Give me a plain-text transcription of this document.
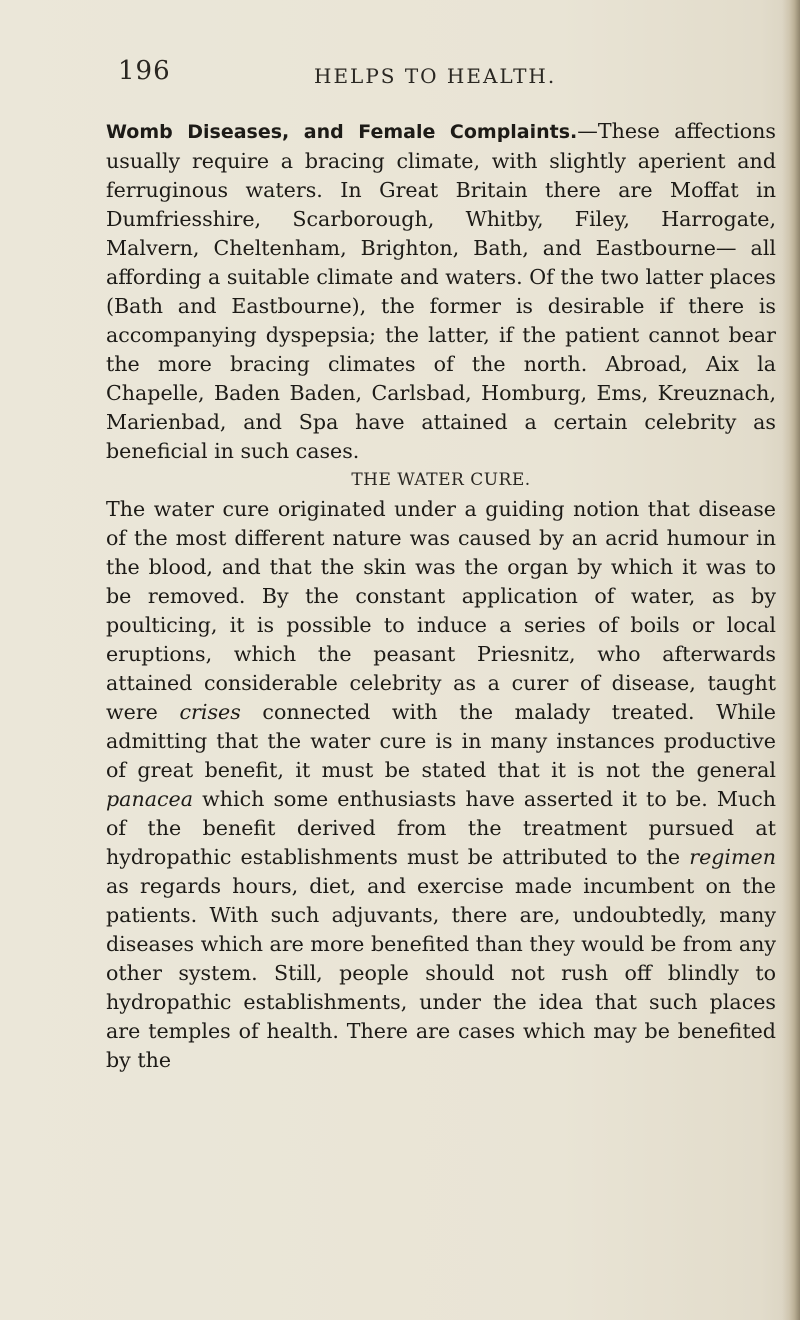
196	HELPS TO HEALTH.

Womb Diseases, and Female Complaints.—These affections usually require a bracing climate, with slightly aperient and ferruginous waters. In Great Britain there are Moffat in Dumfriesshire, Scarborough, Whitby, Filey, Harrogate, Malvern, Cheltenham, Brighton, Bath, and Eastbourne— all affording a suitable climate and waters. Of the two latter places (Bath and Eastbourne), the former is desirable if there is accompanying dyspepsia; the latter, if the patient cannot bear the more bracing climates of the north. Abroad, Aix la Chapelle, Baden Baden, Carlsbad, Homburg, Ems, Kreuznach, Marienbad, and Spa have attained a certain celebrity as beneficial in such cases.

THE WATER CURE.

The water cure originated under a guiding notion that disease of the most different nature was caused by an acrid humour in the blood, and that the skin was the organ by which it was to be removed. By the constant application of water, as by poulticing, it is possible to induce a series of boils or local eruptions, which the peasant Priesnitz, who afterwards attained considerable celebrity as a curer of disease, taught were crises connected with the malady treated. While admitting that the water cure is in many instances productive of great benefit, it must be stated that it is not the general panacea which some enthusiasts have asserted it to be. Much of the benefit derived from the treatment pursued at hydropathic establishments must be attributed to the regimen as regards hours, diet, and exercise made incumbent on the patients. With such adjuvants, there are, undoubtedly, many diseases which are more benefited than they would be from any other system. Still, people should not rush off blindly to hydropathic establishments, under the idea that such places are temples of health. There are cases which may be benefited by the
